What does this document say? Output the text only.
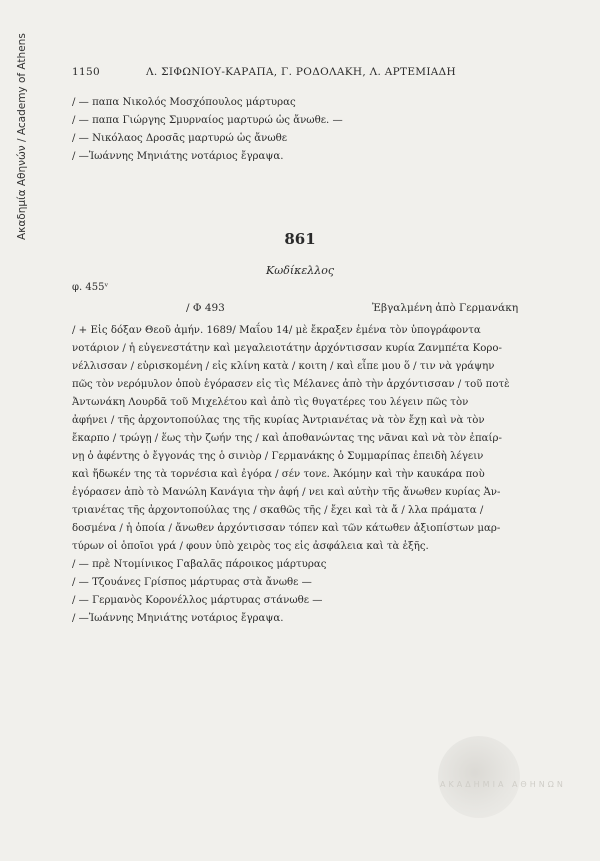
Ακαδημία Αθηνών / Academy of Athens	1150	Λ. ΣΙΦΩΝΙΟΥ-ΚΑΡΑΠΑ, Γ. ΡΟΔΟΛΑΚΗ, Λ. ΑΡΤΕΜΙΑΔΗ
/ — παπα Νικολός Μοσχόπουλος μάρτυρας
/ — παπα Γιώργης Σμυρναίος μαρτυρώ ὡς ἄνωθε. —
/ — Νικόλαος Δροσᾶς μαρτυρώ ὡς ἄνωθε
/ —Ἰωάννης Μηνιάτης νοτάριος ἔγραψα.
861
Κωδίκελλος
φ. 455ᵛ
/ Φ 493	Ἐβγαλμένη ἀπὸ Γερμανάκη
/ + Εἰς δόξαν Θεοῦ ἀμήν. 1689/ Μαΐου 14/ μὲ ἔκραξεν ἐμένα τὸν ὑπογράφοντα
νοτάριον / ἡ εὐγενεστάτην καὶ μεγαλειοτάτην ἀρχόντισσαν κυρία Ζανμπέτα Κορο-
νέλλισσαν / εὑρισκομένη / εἰς κλίνη κατὰ / κοιτη / καὶ εἶπε μου ὅ / τιν νὰ γράψην
πῶς τὸν νερόμυλον ὁποὺ ἐγόρασεν εἰς τὶς Μέλανες ἀπὸ τὴν ἀρχόντισσαν / τοῦ ποτὲ
Ἀντωνάκη Λουρδᾶ τοῦ Μιχελέτου καὶ ἀπὸ τὶς θυγατέρες του λέγειν πῶς τὸν
ἀφήνει / τῆς ἀρχοντοπούλας της τῆς κυρίας Ἀντριανέτας νὰ τὸν ἔχῃ καὶ νὰ τὸν
ἔκαρπο / τρώγῃ / ἕως τὴν ζωήν της / καὶ ἀποθανώντας της νᾶναι καὶ νὰ τὸν ἐπαίρ-
νῃ ὁ ἀφέντης ὁ ἔγγονάς της ὁ σινιὸρ / Γερμανάκης ὁ Συμμαρίπας ἐπειδὴ λέγειν
καὶ ἤδωκέν της τὰ τορνέσια καὶ ἐγόρα / σέν τονε. Ἀκόμην καὶ τὴν καυκάρα ποὺ
ἐγόρασεν ἀπὸ τὸ Μανώλη Κανάγια τὴν ἀφή / νει καὶ αὐτὴν τῆς ἄνωθεν κυρίας Ἀν-
τριανέτας τῆς ἀρχοντοπούλας της / σκαθῶς τῆς / ἔχει καὶ τὰ ἄ / λλα πράματα /
δοσμένα / ἡ ὁποία / ἄνωθεν ἀρχόντισσαν τόπεν καὶ τῶν κάτωθεν ἀξιοπίστων μαρ-
τύρων οἱ ὁποῖοι γρά / φουν ὑπὸ χειρὸς τος εἰς ἀσφάλεια καὶ τὰ ἑξῆς.
/ — πρὲ Ντομίνικος Γαβαλᾶς πάροικος μάρτυρας
/ — Τζουάνες Γρίσπος μάρτυρας στὰ ἄνωθε —
/ — Γερμανὸς Κορονέλλος μάρτυρας στάνωθε —
/ —Ἰωάννης Μηνιάτης νοτάριος ἔγραψα.
ΑΚΑΔΗΜΙΑ ΑΘΗΝΩΝ
